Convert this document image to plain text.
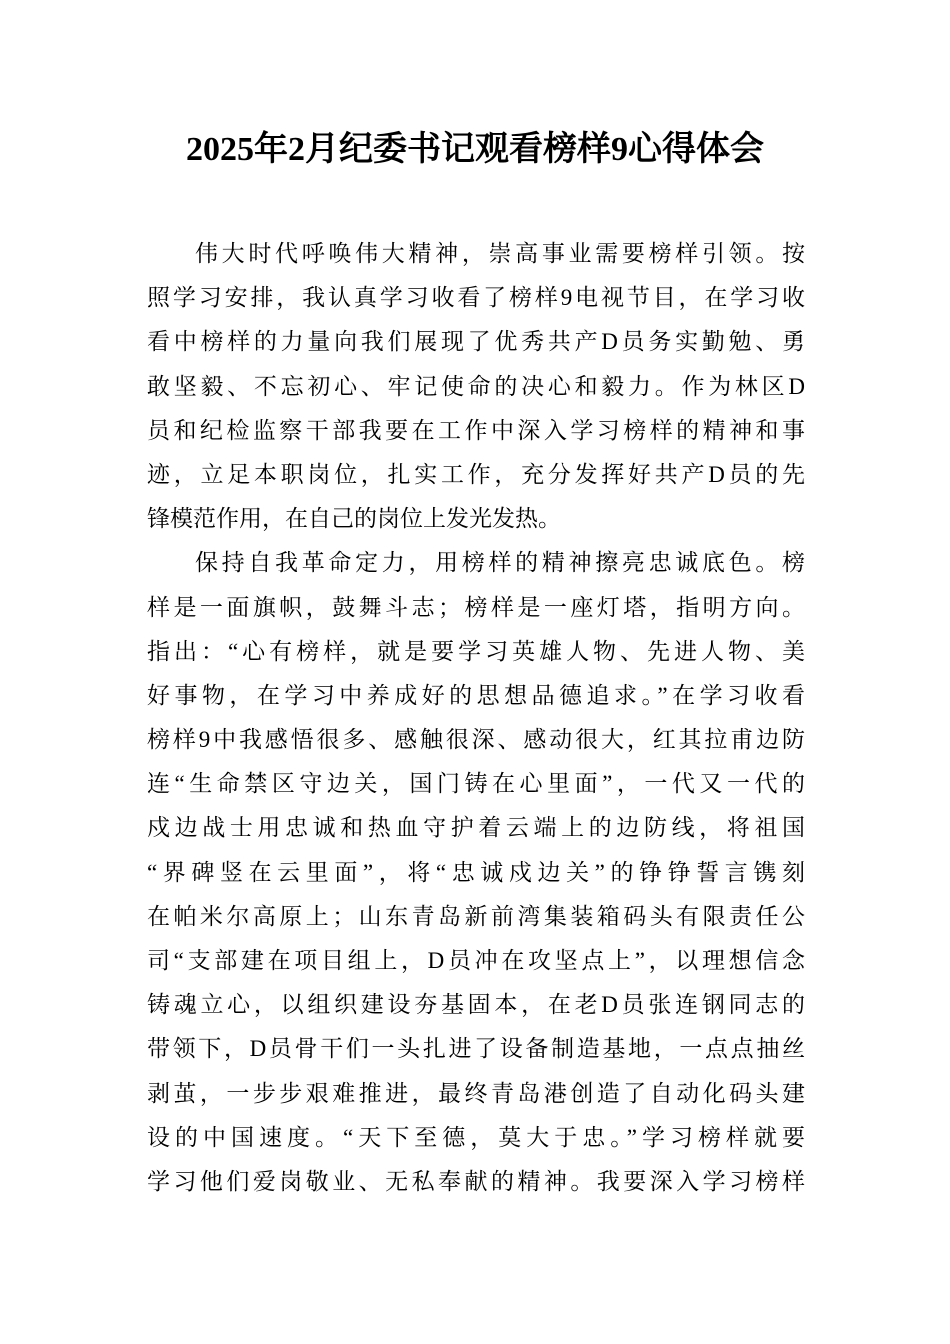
2025年2月纪委书记观看榜样9心得体会
伟大时代呼唤伟大精神，崇高事业需要榜样引领。按
照学习安排，我认真学习收看了榜样9电视节目，在学习收
看中榜样的力量向我们展现了优秀共产D员务实勤勉、勇
敢坚毅、不忘初心、牢记使命的决心和毅力。作为林区D
员和纪检监察干部我要在工作中深入学习榜样的精神和事
迹，立足本职岗位，扎实工作，充分发挥好共产D员的先
锋模范作用，在自己的岗位上发光发热。
保持自我革命定力，用榜样的精神擦亮忠诚底色。榜
样是一面旗帜，鼓舞斗志；榜样是一座灯塔，指明方向。
指出：“心有榜样，就是要学习英雄人物、先进人物、美
好事物，在学习中养成好的思想品德追求。”在学习收看
榜样9中我感悟很多、感触很深、感动很大，红其拉甫边防
连“生命禁区守边关，国门铸在心里面”，一代又一代的
戍边战士用忠诚和热血守护着云端上的边防线，将祖国
“界碑竖在云里面”，将“忠诚戍边关”的铮铮誓言镌刻
在帕米尔高原上；山东青岛新前湾集装箱码头有限责任公
司“支部建在项目组上，D员冲在攻坚点上”，以理想信念
铸魂立心，以组织建设夯基固本，在老D员张连钢同志的
带领下，D员骨干们一头扎进了设备制造基地，一点点抽丝
剥茧，一步步艰难推进，最终青岛港创造了自动化码头建
设的中国速度。“天下至德，莫大于忠。”学习榜样就要
学习他们爱岗敬业、无私奉献的精神。我要深入学习榜样
